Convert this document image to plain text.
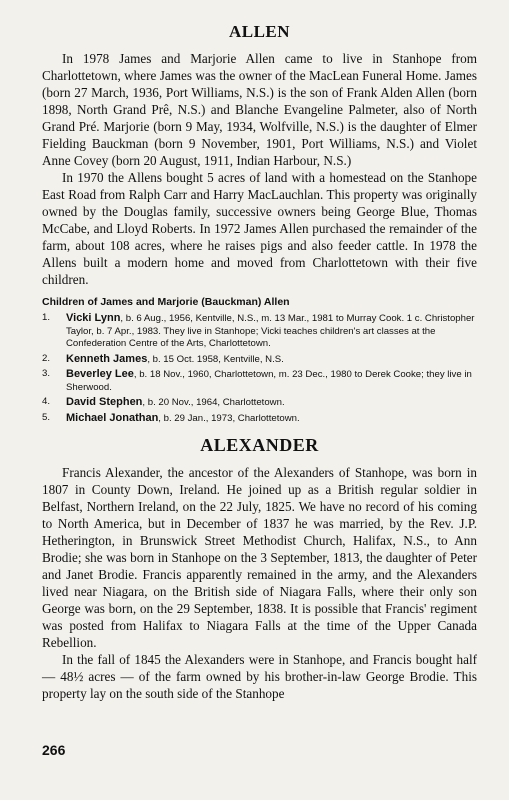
ALLEN

In 1978 James and Marjorie Allen came to live in Stanhope from Charlottetown, where James was the owner of the MacLean Funeral Home. James (born 27 March, 1936, Port Williams, N.S.) is the son of Frank Alden Allen (born 1898, North Grand Prê, N.S.) and Blanche Evangeline Palmeter, also of North Grand Pré. Marjorie (born 9 May, 1934, Wolfville, N.S.) is the daughter of Elmer Fielding Bauckman (born 9 November, 1901, Port Williams, N.S.) and Violet Anne Covey (born 20 August, 1911, Indian Harbour, N.S.)

In 1970 the Allens bought 5 acres of land with a homestead on the Stanhope East Road from Ralph Carr and Harry MacLauchlan. This property was originally owned by the Douglas family, successive owners being George Blue, Thomas McCabe, and Lloyd Roberts. In 1972 James Allen purchased the remainder of the farm, about 108 acres, where he raises pigs and also feeder cattle. In 1978 the Allens built a modern home and moved from Charlottetown with their five children.

Children of James and Marjorie (Bauckman) Allen
1.	Vicki Lynn, b. 6 Aug., 1956, Kentville, N.S., m. 13 Mar., 1981 to Murray Cook. 1 c. Christopher Taylor, b. 7 Apr., 1983. They live in Stanhope; Vicki teaches children's art classes at the Confederation Centre of the Arts, Charlottetown.
2.	Kenneth James, b. 15 Oct. 1958, Kentville, N.S.
3.	Beverley Lee, b. 18 Nov., 1960, Charlottetown, m. 23 Dec., 1980 to Derek Cooke; they live in Sherwood.
4.	David Stephen, b. 20 Nov., 1964, Charlottetown.
5.	Michael Jonathan, b. 29 Jan., 1973, Charlottetown.
ALEXANDER

Francis Alexander, the ancestor of the Alexanders of Stanhope, was born in 1807 in County Down, Ireland. He joined up as a British regular soldier in Belfast, Northern Ireland, on the 22 July, 1825. We have no record of his coming to North America, but in December of 1837 he was married, by the Rev. J.P. Hetherington, in Brunswick Street Methodist Church, Halifax, N.S., to Ann Brodie; she was born in Stanhope on the 3 September, 1813, the daughter of Peter and Janet Brodie. Francis apparently remained in the army, and the Alexanders lived near Niagara, on the British side of Niagara Falls, where their only son George was born, on the 29 September, 1838. It is possible that Francis' regiment was posted from Halifax to Niagara Falls at the time of the Upper Canada Rebellion.

In the fall of 1845 the Alexanders were in Stanhope, and Francis bought half — 48½ acres — of the farm owned by his brother-in-law George Brodie. This property lay on the south side of the Stanhope

266
